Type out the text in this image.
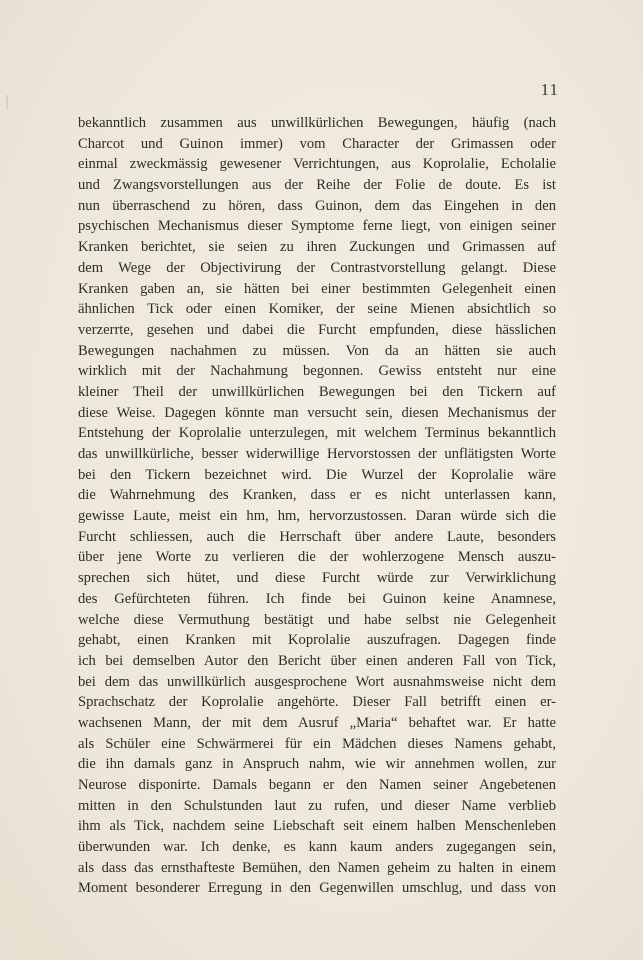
11
bekanntlich zusammen aus unwillkürlichen Bewegungen, häufig (nach
Charcot und Guinon immer) vom Character der Grimassen oder
einmal zweckmässig gewesener Verrichtungen, aus Koprolalie, Echolalie
und Zwangsvorstellungen aus der Reihe der Folie de doute. Es ist
nun überraschend zu hören, dass Guinon, dem das Eingehen in den
psychischen Mechanismus dieser Symptome ferne liegt, von einigen seiner
Kranken berichtet, sie seien zu ihren Zuckungen und Grimassen auf
dem Wege der Objectivirung der Contrastvorstellung gelangt. Diese
Kranken gaben an, sie hätten bei einer bestimmten Gelegenheit einen
ähnlichen Tick oder einen Komiker, der seine Mienen absichtlich so
verzerrte, gesehen und dabei die Furcht empfunden, diese hässlichen
Bewegungen nachahmen zu müssen. Von da an hätten sie auch
wirklich mit der Nachahmung begonnen. Gewiss entsteht nur eine
kleiner Theil der unwillkürlichen Bewegungen bei den Tickern auf
diese Weise. Dagegen könnte man versucht sein, diesen Mechanismus der
Entstehung der Koprolalie unterzulegen, mit welchem Terminus bekanntlich
das unwillkürliche, besser widerwillige Hervorstossen der unflätigsten Worte
bei den Tickern bezeichnet wird. Die Wurzel der Koprolalie wäre
die Wahrnehmung des Kranken, dass er es nicht unterlassen kann,
gewisse Laute, meist ein hm, hm, hervorzustossen. Daran würde sich die
Furcht schliessen, auch die Herrschaft über andere Laute, besonders
über jene Worte zu verlieren die der wohlerzogene Mensch auszu-
sprechen sich hütet, und diese Furcht würde zur Verwirklichung
des Gefürchteten führen. Ich finde bei Guinon keine Anamnese,
welche diese Vermuthung bestätigt und habe selbst nie Gelegenheit
gehabt, einen Kranken mit Koprolalie auszufragen. Dagegen finde
ich bei demselben Autor den Bericht über einen anderen Fall von Tick,
bei dem das unwillkürlich ausgesprochene Wort ausnahmsweise nicht dem
Sprachschatz der Koprolalie angehörte. Dieser Fall betrifft einen er-
wachsenen Mann, der mit dem Ausruf „Maria“ behaftet war. Er hatte
als Schüler eine Schwärmerei für ein Mädchen dieses Namens gehabt,
die ihn damals ganz in Anspruch nahm, wie wir annehmen wollen, zur
Neurose disponirte. Damals begann er den Namen seiner Angebetenen
mitten in den Schulstunden laut zu rufen, und dieser Name verblieb
ihm als Tick, nachdem seine Liebschaft seit einem halben Menschenleben
überwunden war. Ich denke, es kann kaum anders zugegangen sein,
als dass das ernsthafteste Bemühen, den Namen geheim zu halten in einem
Moment besonderer Erregung in den Gegenwillen umschlug, und dass von
